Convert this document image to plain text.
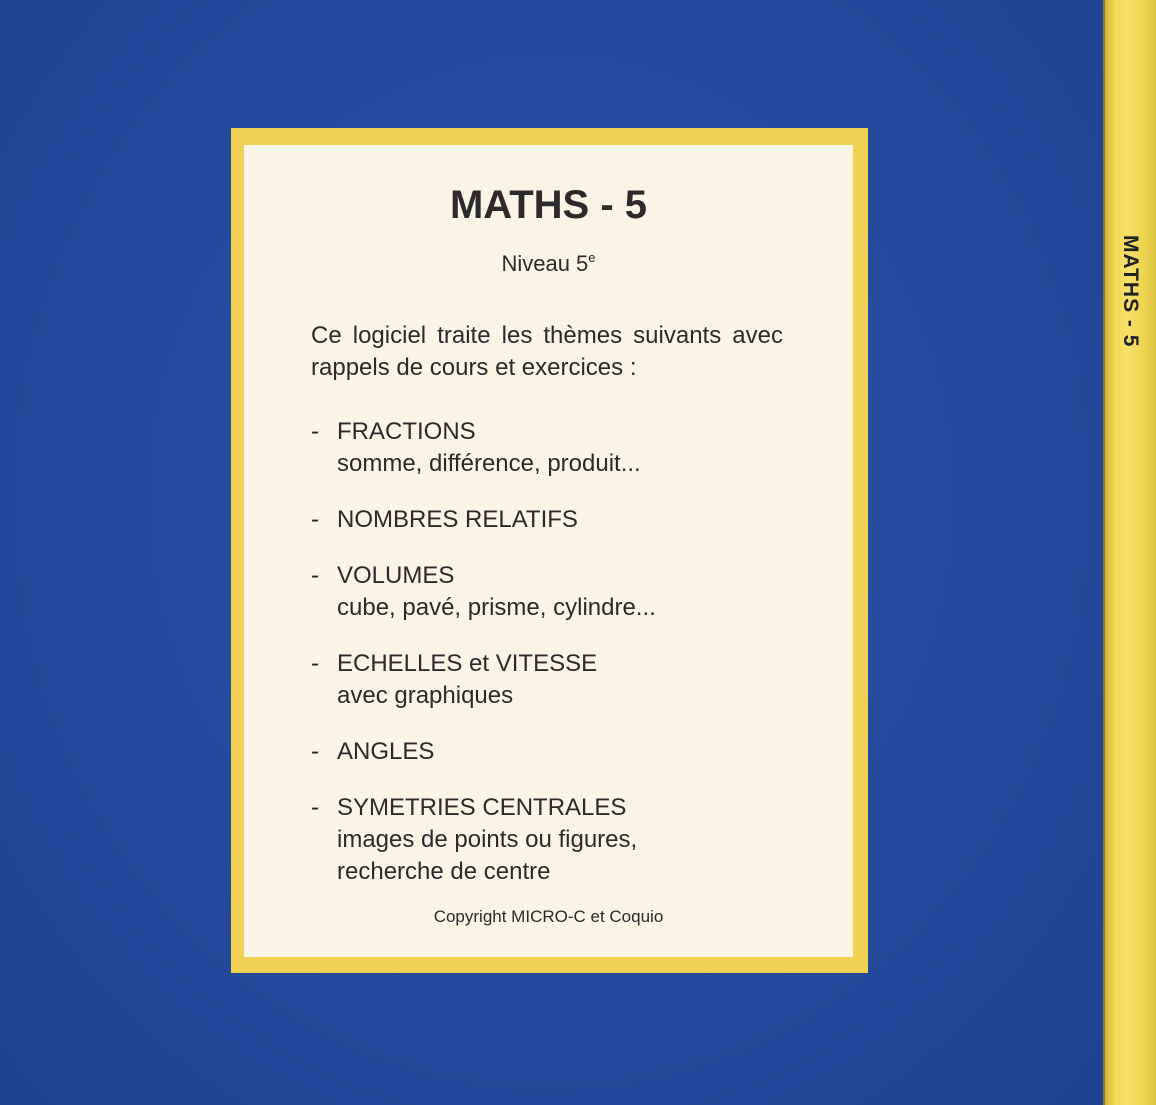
MATHS - 5
MATHS - 5
Niveau 5e
Ce logiciel traite les thèmes suivants avec rappels de cours et exercices :
- FRACTIONS
somme, différence, produit...
- NOMBRES RELATIFS
- VOLUMES
cube, pavé, prisme, cylindre...
- ECHELLES et VITESSE
avec graphiques
- ANGLES
- SYMETRIES CENTRALES
images de points ou figures,
recherche de centre
Copyright MICRO-C et Coquio
